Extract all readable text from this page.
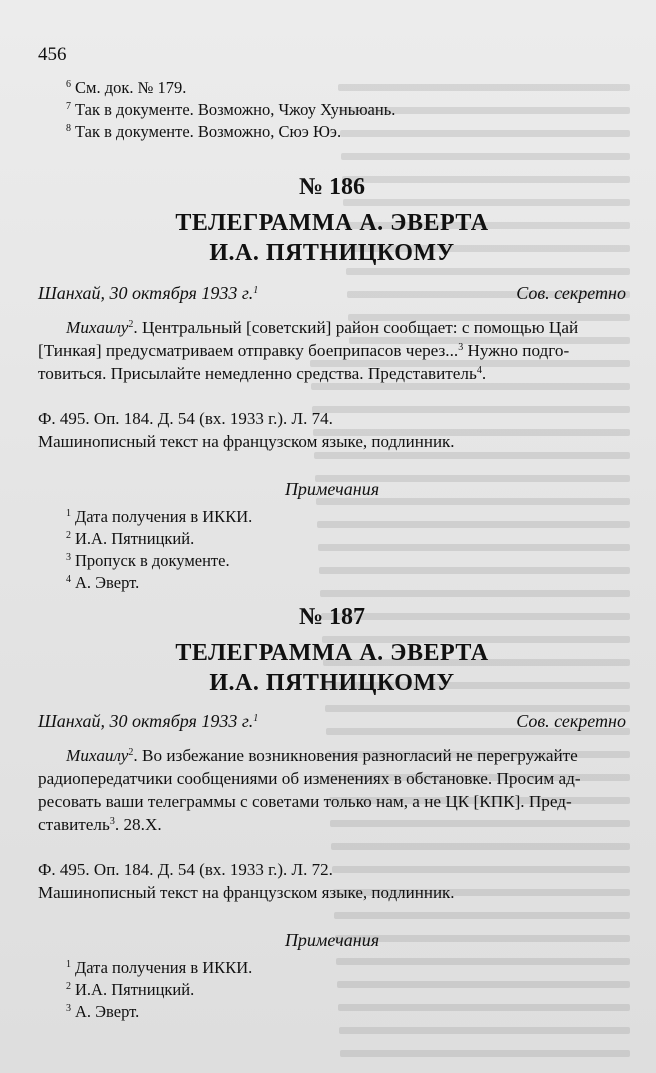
456
$^6$ См. док. № 179.
$^7$ Так в документе. Возможно, Чжоу Хуньюань.
$^8$ Так в документе. Возможно, Сюэ Юэ.
№ 186
ТЕЛЕГРАММА А. ЭВЕРТА
И.А. ПЯТНИЦКОМУ
Шанхай, 30 октября 1933 г.$^1$	Сов. секретно
Михаилу$^2$. Центральный [советский] район сообщает: с помощью Цай
[Тинкая] предусматриваем отправку боеприпасов через...$^3$ Нужно подго-
товиться. Присылайте немедленно средства. Представитель$^4$.
Ф. 495. Оп. 184. Д. 54 (вх. 1933 г.). Л. 74.
Машинописный текст на французском языке, подлинник.
Примечания
$^1$ Дата получения в ИККИ.
$^2$ И.А. Пятницкий.
$^3$ Пропуск в документе.
$^4$ А. Эверт.
№ 187
ТЕЛЕГРАММА А. ЭВЕРТА
И.А. ПЯТНИЦКОМУ
Шанхай, 30 октября 1933 г.$^1$	Сов. секретно
Михаилу$^2$. Во избежание возникновения разногласий не перегружайте
радиопередатчики сообщениями об изменениях в обстановке. Просим ад-
ресовать ваши телеграммы с советами только нам, а не ЦК [КПК]. Пред-
ставитель$^3$. 28.X.
Ф. 495. Оп. 184. Д. 54 (вх. 1933 г.). Л. 72.
Машинописный текст на французском языке, подлинник.
Примечания
$^1$ Дата получения в ИККИ.
$^2$ И.А. Пятницкий.
$^3$ А. Эверт.
